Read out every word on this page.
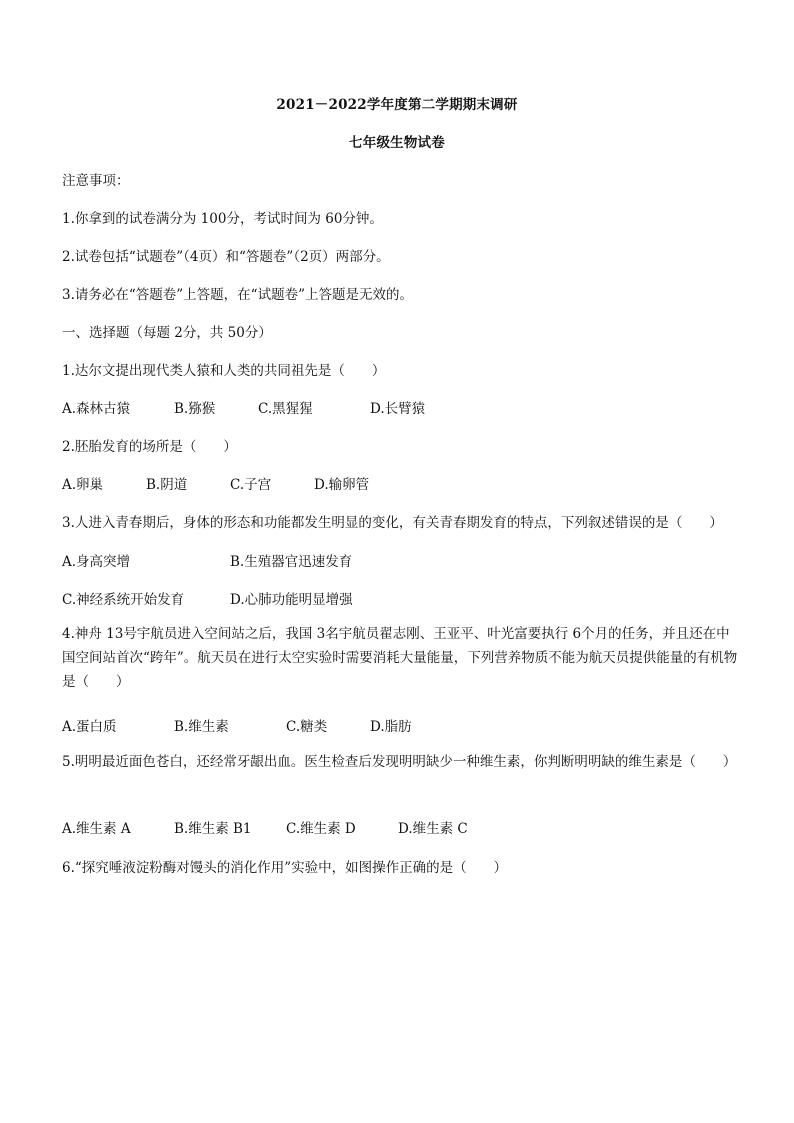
2021－2022学年度第二学期期末调研
七年级生物试卷
注意事项：
1.你拿到的试卷满分为 100分，考试时间为 60分钟。
2.试卷包括“试题卷”（4页）和“答题卷”（2页）两部分。
3.请务必在“答题卷”上答题，在“试题卷”上答题是无效的。
一、选择题（每题 2分，共 50分）
1.达尔文提出现代类人猿和人类的共同祖先是（　　）
A.森林古猿	B.猕猴	C.黑猩猩	D.长臂猿
2.胚胎发育的场所是（　　）
A.卵巢	B.阴道	C.子宫	D.输卵管
3.人进入青春期后，身体的形态和功能都发生明显的变化，有关青春期发育的特点，下列叙述错误的是（　　）
A.身高突增	B.生殖器官迅速发育
C.神经系统开始发育	D.心肺功能明显增强
4.神舟 13号宇航员进入空间站之后，我国 3名宇航员翟志刚、王亚平、叶光富要执行 6个月的任务，并且还在中国空间站首次“跨年”。航天员在进行太空实验时需要消耗大量能量，下列营养物质不能为航天员提供能量的有机物是（　　）
A.蛋白质	B.维生素	C.糖类	D.脂肪
5.明明最近面色苍白，还经常牙龈出血。医生检查后发现明明缺少一种维生素，你判断明明缺的维生素是（　　）
A.维生素 A	B.维生素 B1	C.维生素 D	D.维生素 C
6.“探究唾液淀粉酶对馒头的消化作用”实验中，如图操作正确的是（　　）
